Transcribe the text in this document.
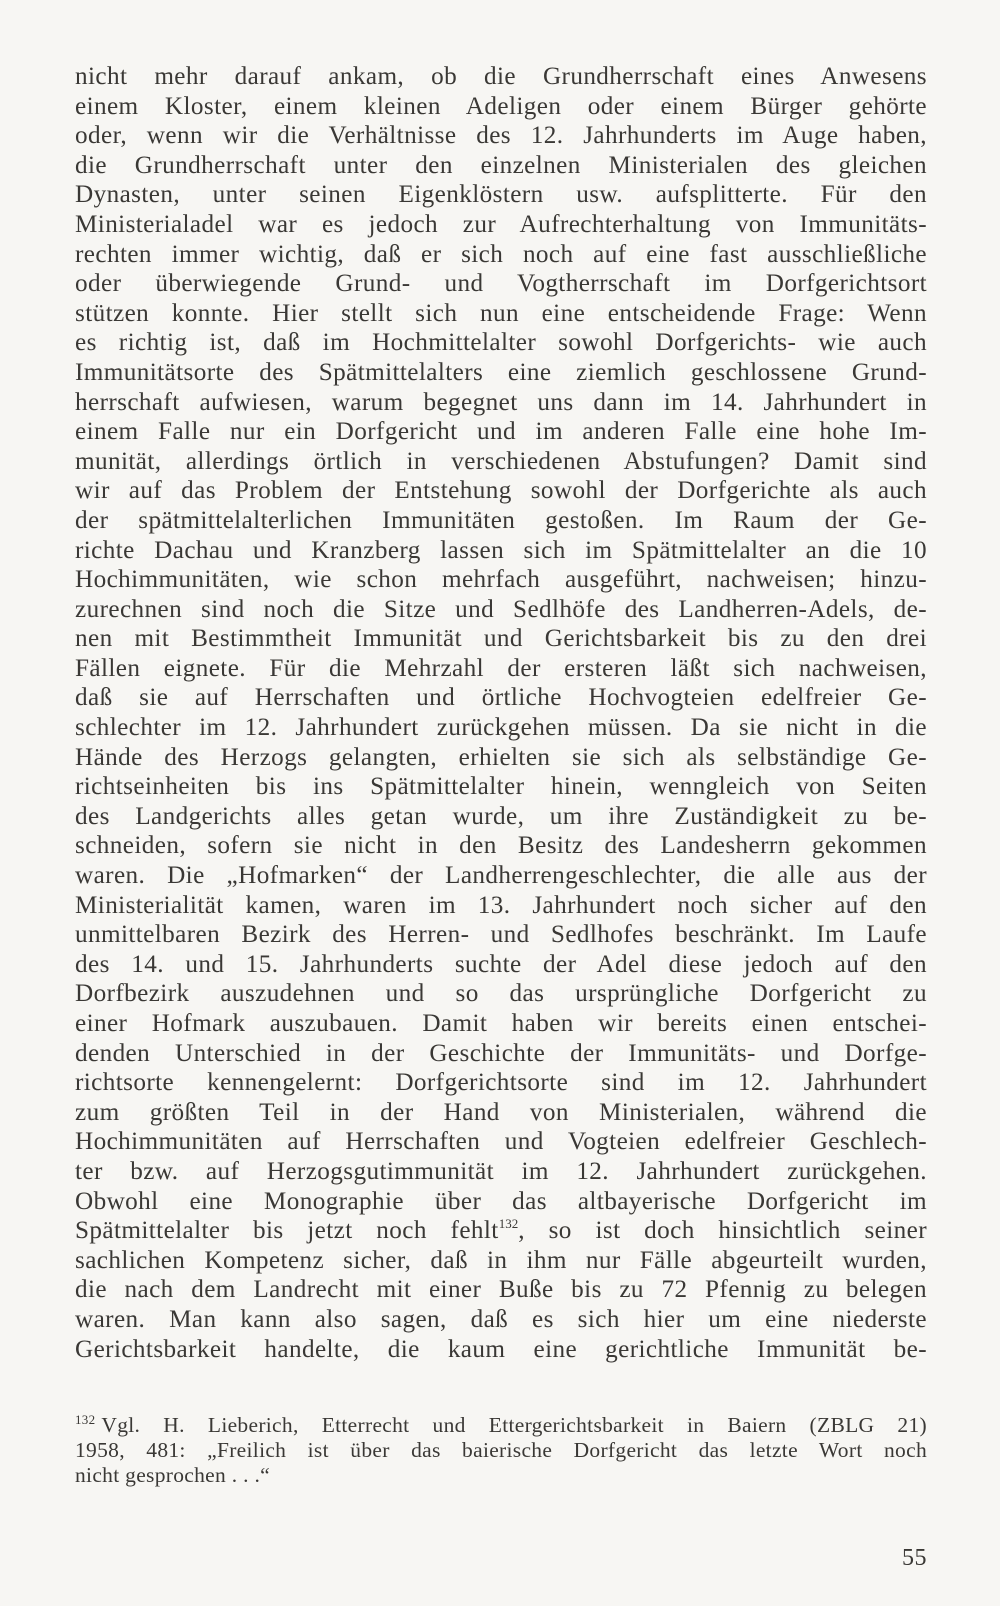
nicht mehr darauf ankam, ob die Grundherrschaft eines Anwesens
einem Kloster, einem kleinen Adeligen oder einem Bürger gehörte
oder, wenn wir die Verhältnisse des 12. Jahrhunderts im Auge haben,
die Grundherrschaft unter den einzelnen Ministerialen des gleichen
Dynasten, unter seinen Eigenklöstern usw. aufsplitterte. Für den
Ministerialadel war es jedoch zur Aufrechterhaltung von Immunitäts-
rechten immer wichtig, daß er sich noch auf eine fast ausschließliche
oder überwiegende Grund- und Vogtherrschaft im Dorfgerichtsort
stützen konnte. Hier stellt sich nun eine entscheidende Frage: Wenn
es richtig ist, daß im Hochmittelalter sowohl Dorfgerichts- wie auch
Immunitätsorte des Spätmittelalters eine ziemlich geschlossene Grund-
herrschaft aufwiesen, warum begegnet uns dann im 14. Jahrhundert in
einem Falle nur ein Dorfgericht und im anderen Falle eine hohe Im-
munität, allerdings örtlich in verschiedenen Abstufungen? Damit sind
wir auf das Problem der Entstehung sowohl der Dorfgerichte als auch
der spätmittelalterlichen Immunitäten gestoßen. Im Raum der Ge-
richte Dachau und Kranzberg lassen sich im Spätmittelalter an die 10
Hochimmunitäten, wie schon mehrfach ausgeführt, nachweisen; hinzu-
zurechnen sind noch die Sitze und Sedlhöfe des Landherren-Adels, de-
nen mit Bestimmtheit Immunität und Gerichtsbarkeit bis zu den drei
Fällen eignete. Für die Mehrzahl der ersteren läßt sich nachweisen,
daß sie auf Herrschaften und örtliche Hochvogteien edelfreier Ge-
schlechter im 12. Jahrhundert zurückgehen müssen. Da sie nicht in die
Hände des Herzogs gelangten, erhielten sie sich als selbständige Ge-
richtseinheiten bis ins Spätmittelalter hinein, wenngleich von Seiten
des Landgerichts alles getan wurde, um ihre Zuständigkeit zu be-
schneiden, sofern sie nicht in den Besitz des Landesherrn gekommen
waren. Die „Hofmarken“ der Landherrengeschlechter, die alle aus der
Ministerialität kamen, waren im 13. Jahrhundert noch sicher auf den
unmittelbaren Bezirk des Herren- und Sedlhofes beschränkt. Im Laufe
des 14. und 15. Jahrhunderts suchte der Adel diese jedoch auf den
Dorfbezirk auszudehnen und so das ursprüngliche Dorfgericht zu
einer Hofmark auszubauen. Damit haben wir bereits einen entschei-
denden Unterschied in der Geschichte der Immunitäts- und Dorfge-
richtsorte kennengelernt: Dorfgerichtsorte sind im 12. Jahrhundert
zum größten Teil in der Hand von Ministerialen, während die
Hochimmunitäten auf Herrschaften und Vogteien edelfreier Geschlech-
ter bzw. auf Herzogsgutimmunität im 12. Jahrhundert zurückgehen.
Obwohl eine Monographie über das altbayerische Dorfgericht im
Spätmittelalter bis jetzt noch fehlt$^{132}$, so ist doch hinsichtlich seiner
sachlichen Kompetenz sicher, daß in ihm nur Fälle abgeurteilt wurden,
die nach dem Landrecht mit einer Buße bis zu 72 Pfennig zu belegen
waren. Man kann also sagen, daß es sich hier um eine niederste
Gerichtsbarkeit handelte, die kaum eine gerichtliche Immunität be-
$^{132}$ Vgl. H. Lieberich, Etterrecht und Ettergerichtsbarkeit in Baiern (ZBLG 21)
1958, 481: „Freilich ist über das baierische Dorfgericht das letzte Wort noch
nicht gesprochen . . .“
55
